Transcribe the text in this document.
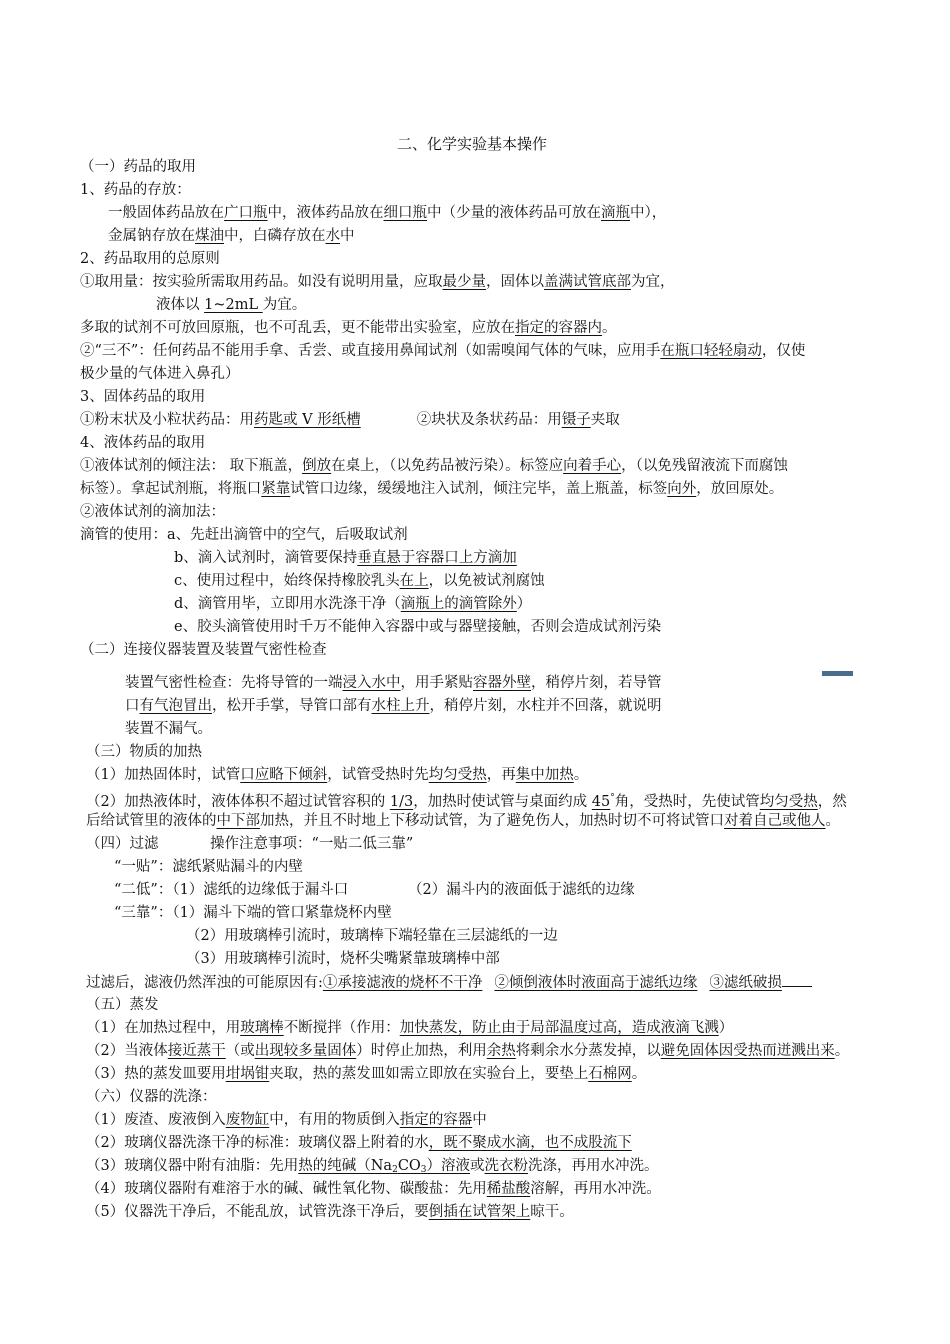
二、化学实验基本操作
（一）药品的取用
1、药品的存放：
一般固体药品放在广口瓶中，液体药品放在细口瓶中（少量的液体药品可放在滴瓶中），
金属钠存放在煤油中，白磷存放在水中
2、药品取用的总原则
①取用量：按实验所需取用药品。如没有说明用量，应取最少量，固体以盖满试管底部为宜，
液体以 1~2mL 为宜。
多取的试剂不可放回原瓶，也不可乱丢，更不能带出实验室，应放在指定的容器内。
②“三不”：任何药品不能用手拿、舌尝、或直接用鼻闻试剂（如需嗅闻气体的气味，应用手在瓶口轻轻扇动，仅使
极少量的气体进入鼻孔）
3、固体药品的取用
①粉末状及小粒状药品：用药匙或 V 形纸槽	②块状及条状药品：用镊子夹取
4、液体药品的取用
①液体试剂的倾注法： 取下瓶盖，倒放在桌上，（以免药品被污染）。标签应向着手心，（以免残留液流下而腐蚀
标签）。拿起试剂瓶，将瓶口紧靠试管口边缘，缓缓地注入试剂，倾注完毕，盖上瓶盖，标签向外，放回原处。
②液体试剂的滴加法：
滴管的使用：a、先赶出滴管中的空气，后吸取试剂
b、滴入试剂时，滴管要保持垂直悬于容器口上方滴加
c、使用过程中，始终保持橡胶乳头在上，以免被试剂腐蚀
d、滴管用毕，立即用水洗涤干净（滴瓶上的滴管除外）
e、胶头滴管使用时千万不能伸入容器中或与器壁接触，否则会造成试剂污染
（二）连接仪器装置及装置气密性检查
装置气密性检查：先将导管的一端浸入水中，用手紧贴容器外壁，稍停片刻，若导管
口有气泡冒出，松开手掌，导管口部有水柱上升，稍停片刻，水柱并不回落，就说明
装置不漏气。
（三）物质的加热
（1）加热固体时，试管口应略下倾斜，试管受热时先均匀受热，再集中加热。
（2）加热液体时，液体体积不超过试管容积的 1/3，加热时使试管与桌面约成 45°角，受热时，先使试管均匀受热，然
后给试管里的液体的中下部加热，并且不时地上下移动试管，为了避免伤人，加热时切不可将试管口对着自己或他人。
（四）过滤	操作注意事项：“一贴二低三靠”
“一贴”：滤纸紧贴漏斗的内壁
“二低”：（1）滤纸的边缘低于漏斗口	（2）漏斗内的液面低于滤纸的边缘
“三靠”：（1）漏斗下端的管口紧靠烧杯内壁
（2）用玻璃棒引流时，玻璃棒下端轻靠在三层滤纸的一边
（3）用玻璃棒引流时，烧杯尖嘴紧靠玻璃棒中部
过滤后，滤液仍然浑浊的可能原因有:①承接滤液的烧杯不干净 ②倾倒液体时液面高于滤纸边缘 ③滤纸破损
（五）蒸发
（1）在加热过程中，用玻璃棒不断搅拌（作用：加快蒸发，防止由于局部温度过高，造成液滴飞溅）
（2）当液体接近蒸干（或出现较多量固体）时停止加热，利用余热将剩余水分蒸发掉，以避免固体因受热而迸溅出来。
（3）热的蒸发皿要用坩埚钳夹取，热的蒸发皿如需立即放在实验台上，要垫上石棉网。
（六）仪器的洗涤：
（1）废渣、废液倒入废物缸中，有用的物质倒入指定的容器中
（2）玻璃仪器洗涤干净的标准：玻璃仪器上附着的水，既不聚成水滴，也不成股流下
（3）玻璃仪器中附有油脂：先用热的纯碱$(Na_2CO_3)$溶液或洗衣粉洗涤，再用水冲洗。
（4）玻璃仪器附有难溶于水的碱、碱性氧化物、碳酸盐：先用稀盐酸溶解，再用水冲洗。
（5）仪器洗干净后，不能乱放，试管洗涤干净后，要倒插在试管架上晾干。
